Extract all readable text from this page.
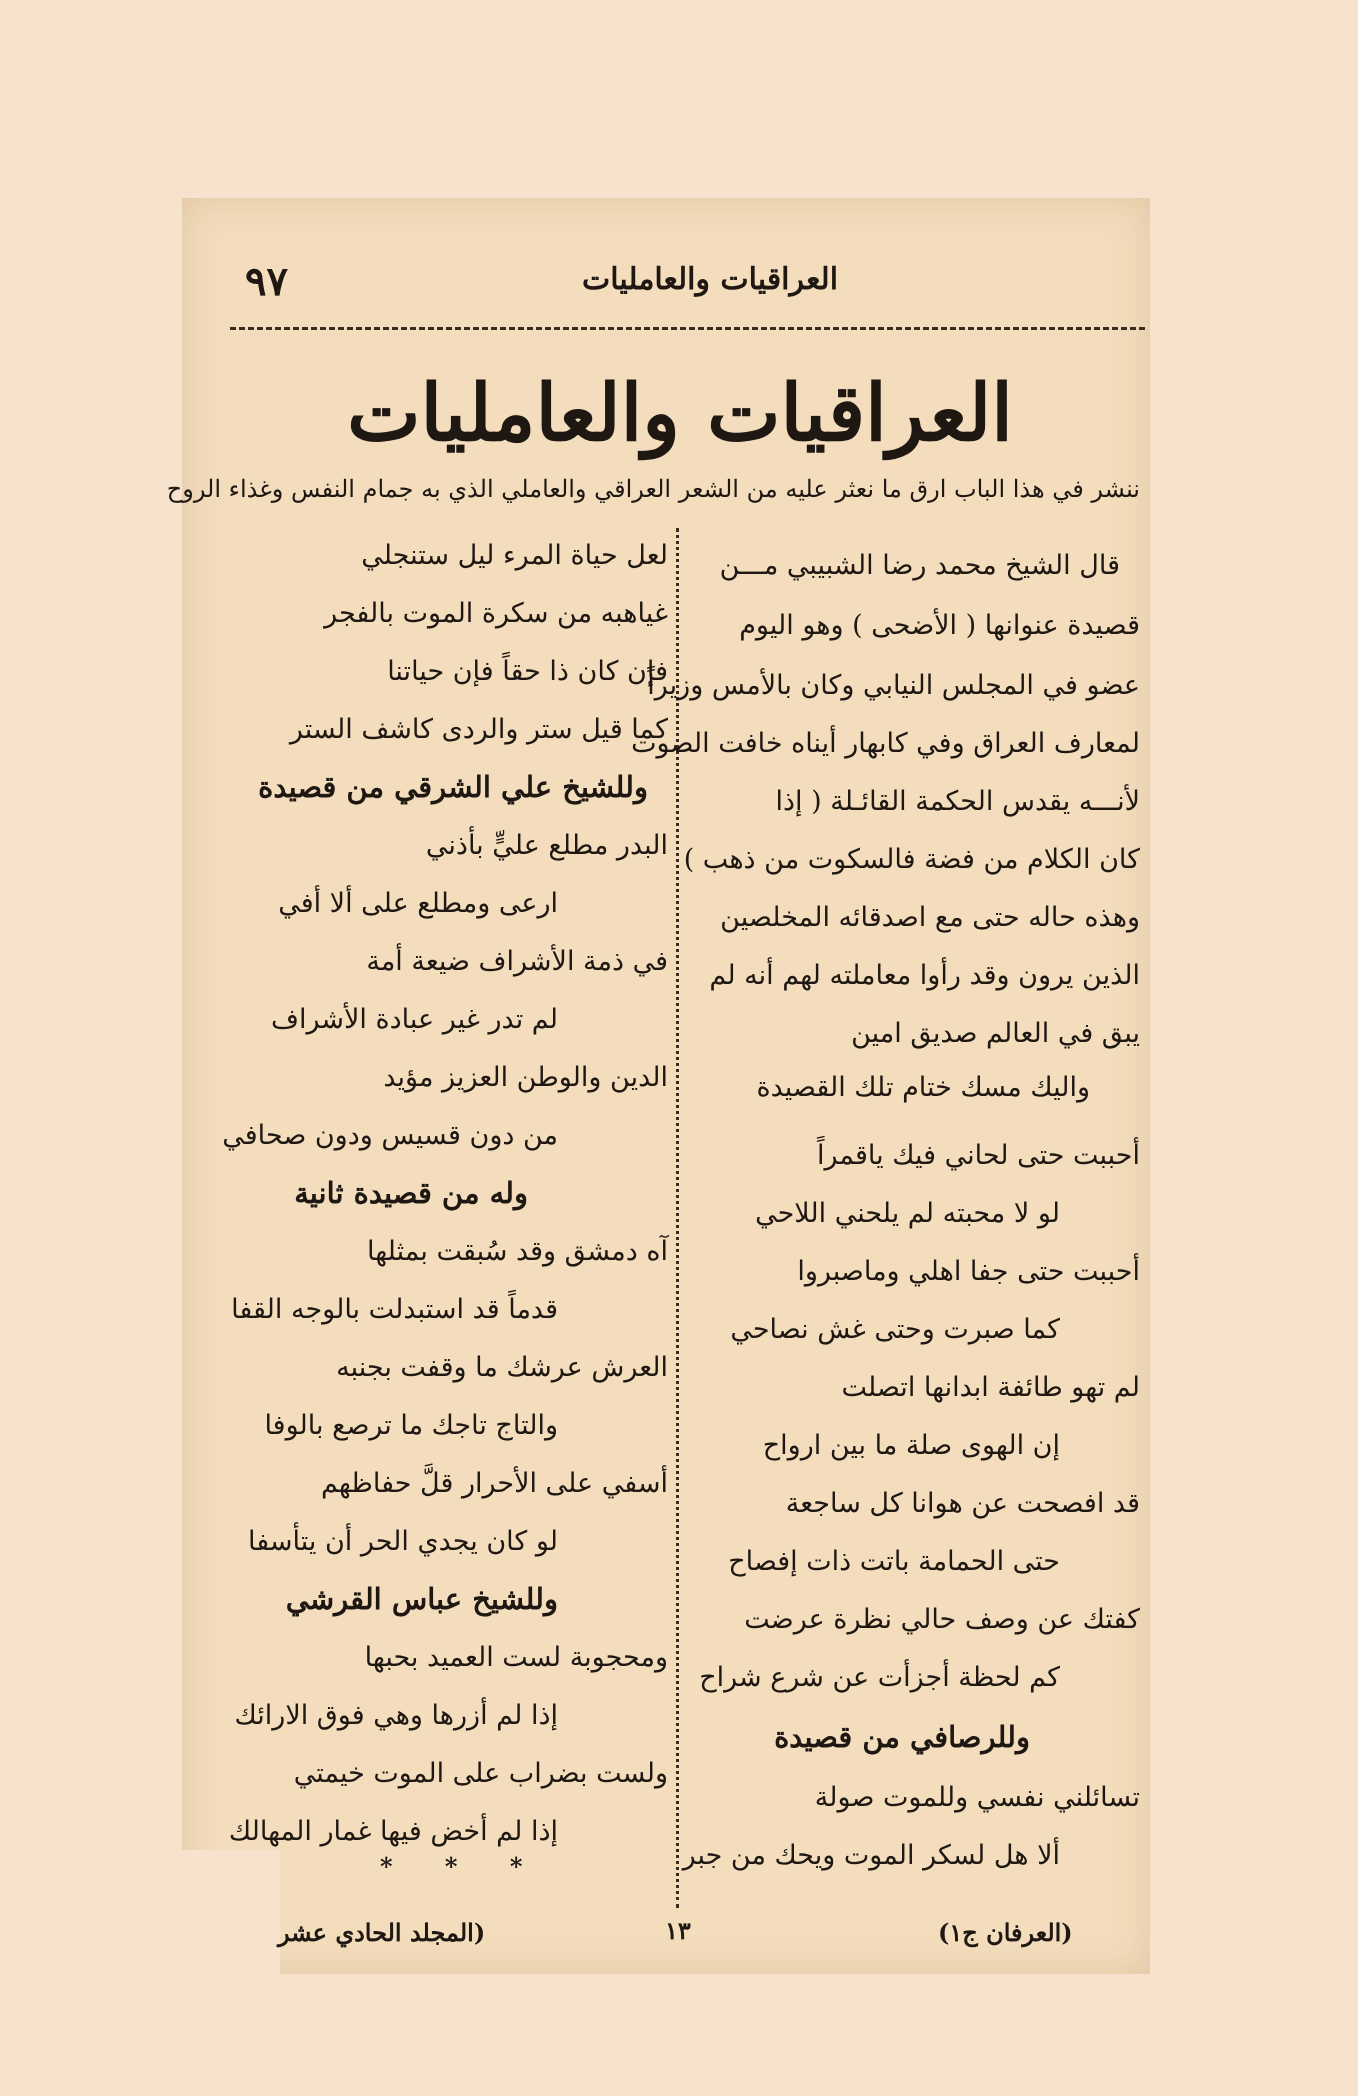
٩٧	العراقيات والعامليات
العراقيات والعامليات
ننشر في هذا الباب ارق ما نعثر عليه من الشعر العراقي والعاملي الذي به جمام النفس وغذاء الروح
قال الشيخ محمد رضا الشبيبي مـــن
قصيدة عنوانها ( الأضحى ) وهو اليوم
عضو في المجلس النيابي وكان بالأمس وزيراً
لمعارف العراق وفي كابهار أيناه خافت الصوت
لأنـــه يقدس الحكمة القائـلة ( إذا
كان الكلام من فضة فالسكوت من ذهب )
وهذه حاله حتى مع اصدقائه المخلصين
الذين يرون وقد رأوا معاملته لهم أنه لم
يبق في العالم صديق امين
واليك مسك ختام تلك القصيدة
أحببت حتى لحاني فيك ياقمراً
لو لا محبته لم يلحني اللاحي
أحببت حتى جفا اهلي وماصبروا
كما صبرت وحتى غش نصاحي
لم تهو طائفة ابدانها اتصلت
إن الهوى صلة ما بين ارواح
قد افصحت عن هوانا كل ساجعة
حتى الحمامة باتت ذات إفصاح
كفتك عن وصف حالي نظرة عرضت
كم لحظة أجزأت عن شرع شراح
وللرصافي من قصيدة
تسائلني نفسي وللموت صولة
ألا هل لسكر الموت ويحك من جبر
لعل حياة المرء ليل ستنجلي
غياهبه من سكرة الموت بالفجر
فإن كان ذا حقاً فإن حياتنا
كما قيل ستر والردى كاشف الستر
وللشيخ علي الشرقي من قصيدة
البدر مطلع عليٍّ بأذني
ارعى ومطلع على ألا أفي
في ذمة الأشراف ضيعة أمة
لم تدر غير عبادة الأشراف
الدين والوطن العزيز مؤيد
من دون قسيس ودون صحافي
وله من قصيدة ثانية
آه دمشق وقد سُبقت بمثلها
قدماً قد استبدلت بالوجه القفا
العرش عرشك ما وقفت بجنبه
والتاج تاجك ما ترصع بالوفا
أسفي على الأحرار قلَّ حفاظهم
لو كان يجدي الحر أن يتأسفا
وللشيخ عباس القرشي
ومحجوبة لست العميد بحبها
إذا لم أزرها وهي فوق الارائك
ولست بضراب على الموت خيمتي
إذا لم أخض فيها غمار المهالك
* * *
(المجلد الحادي عشر	١٣	(العرفان ج١)
